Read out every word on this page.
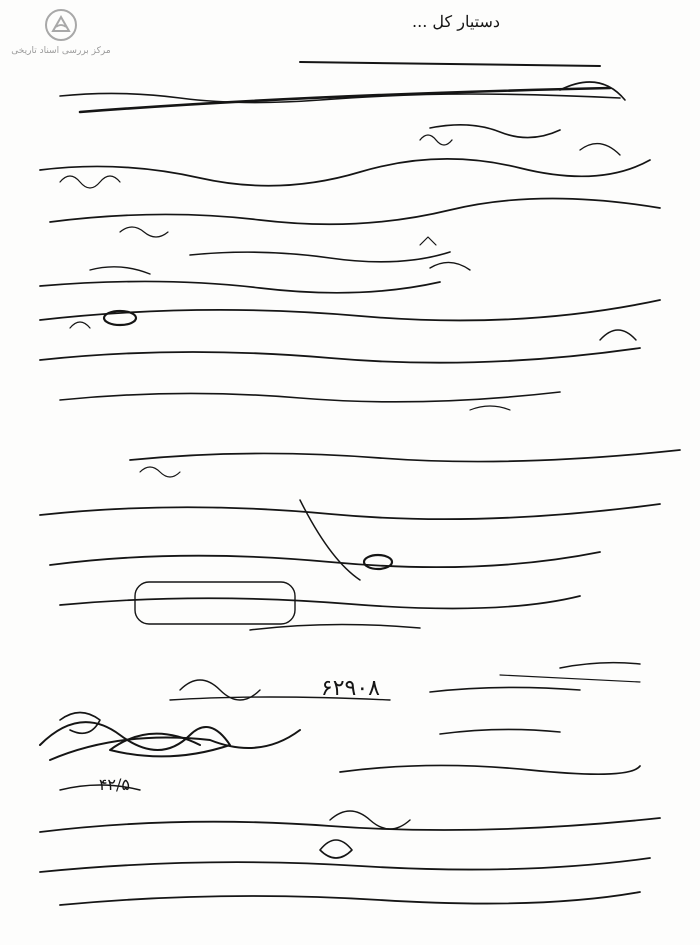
مرکز بررسی اسناد تاریخی
دستیار کل ...
۶۲۹۰۸
۴۲/۵
